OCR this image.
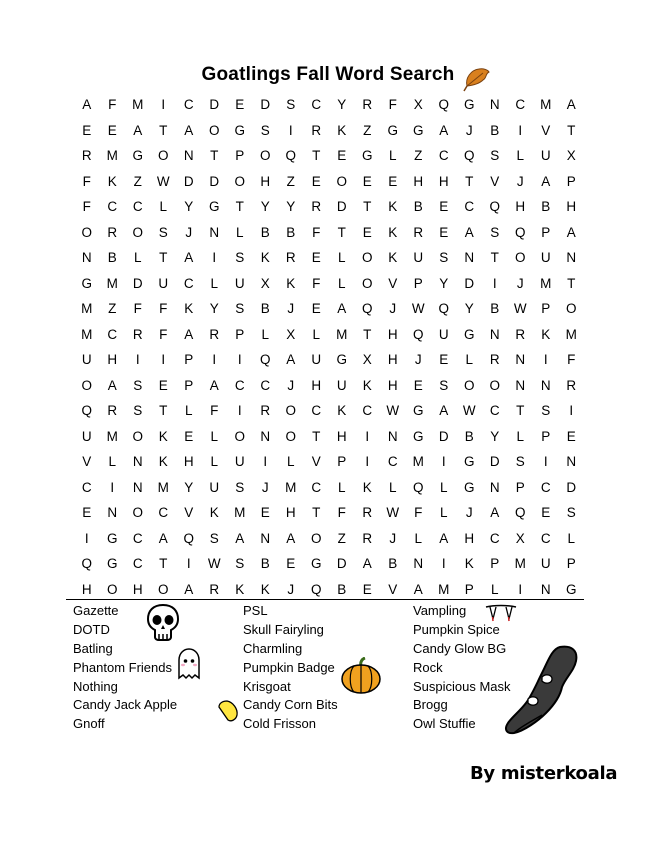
Goatlings Fall Word Search
A	F	M	I	C	D	E	D	S	C	Y	R	F	X	Q	G	N	C	M	A
E	E	A	T	A	O	G	S	I	R	K	Z	G	G	A	J	B	I	V	T
R	M	G	O	N	T	P	O	Q	T	E	G	L	Z	C	Q	S	L	U	X
F	K	Z	W	D	D	O	H	Z	E	O	E	E	H	H	T	V	J	A	P
F	C	C	L	Y	G	T	Y	Y	R	D	T	K	B	E	C	Q	H	B	H
O	R	O	S	J	N	L	B	B	F	T	E	K	R	E	A	S	Q	P	A
N	B	L	T	A	I	S	K	R	E	L	O	K	U	S	N	T	O	U	N
G	M	D	U	C	L	U	X	K	F	L	O	V	P	Y	D	I	J	M	T
M	Z	F	F	K	Y	S	B	J	E	A	Q	J	W	Q	Y	B	W	P	O
M	C	R	F	A	R	P	L	X	L	M	T	H	Q	U	G	N	R	K	M
U	H	I	I	P	I	I	Q	A	U	G	X	H	J	E	L	R	N	I	F
O	A	S	E	P	A	C	C	J	H	U	K	H	E	S	O	O	N	N	R
Q	R	S	T	L	F	I	R	O	C	K	C	W	G	A	W	C	T	S	I
U	M	O	K	E	L	O	N	O	T	H	I	N	G	D	B	Y	L	P	E
V	L	N	K	H	L	U	I	L	V	P	I	C	M	I	G	D	S	I	N
C	I	N	M	Y	U	S	J	M	C	L	K	L	Q	L	G	N	P	C	D
E	N	O	C	V	K	M	E	H	T	F	R	W	F	L	J	A	Q	E	S
I	G	C	A	Q	S	A	N	A	O	Z	R	J	L	A	H	C	X	C	L
Q	G	C	T	I	W	S	B	E	G	D	A	B	N	I	K	P	M	U	P
H	O	H	O	A	R	K	K	J	Q	B	E	V	A	M	P	L	I	N	G
Gazette
DOTD
Batling
Phantom Friends
Nothing
Candy Jack Apple
Gnoff
PSL
Skull Fairyling
Charmling
Pumpkin Badge
Krisgoat
Candy Corn Bits
Cold Frisson
Vampling
Pumpkin Spice
Candy Glow BG
Rock
Suspicious Mask
Brogg
Owl Stuffie
By misterkoala
